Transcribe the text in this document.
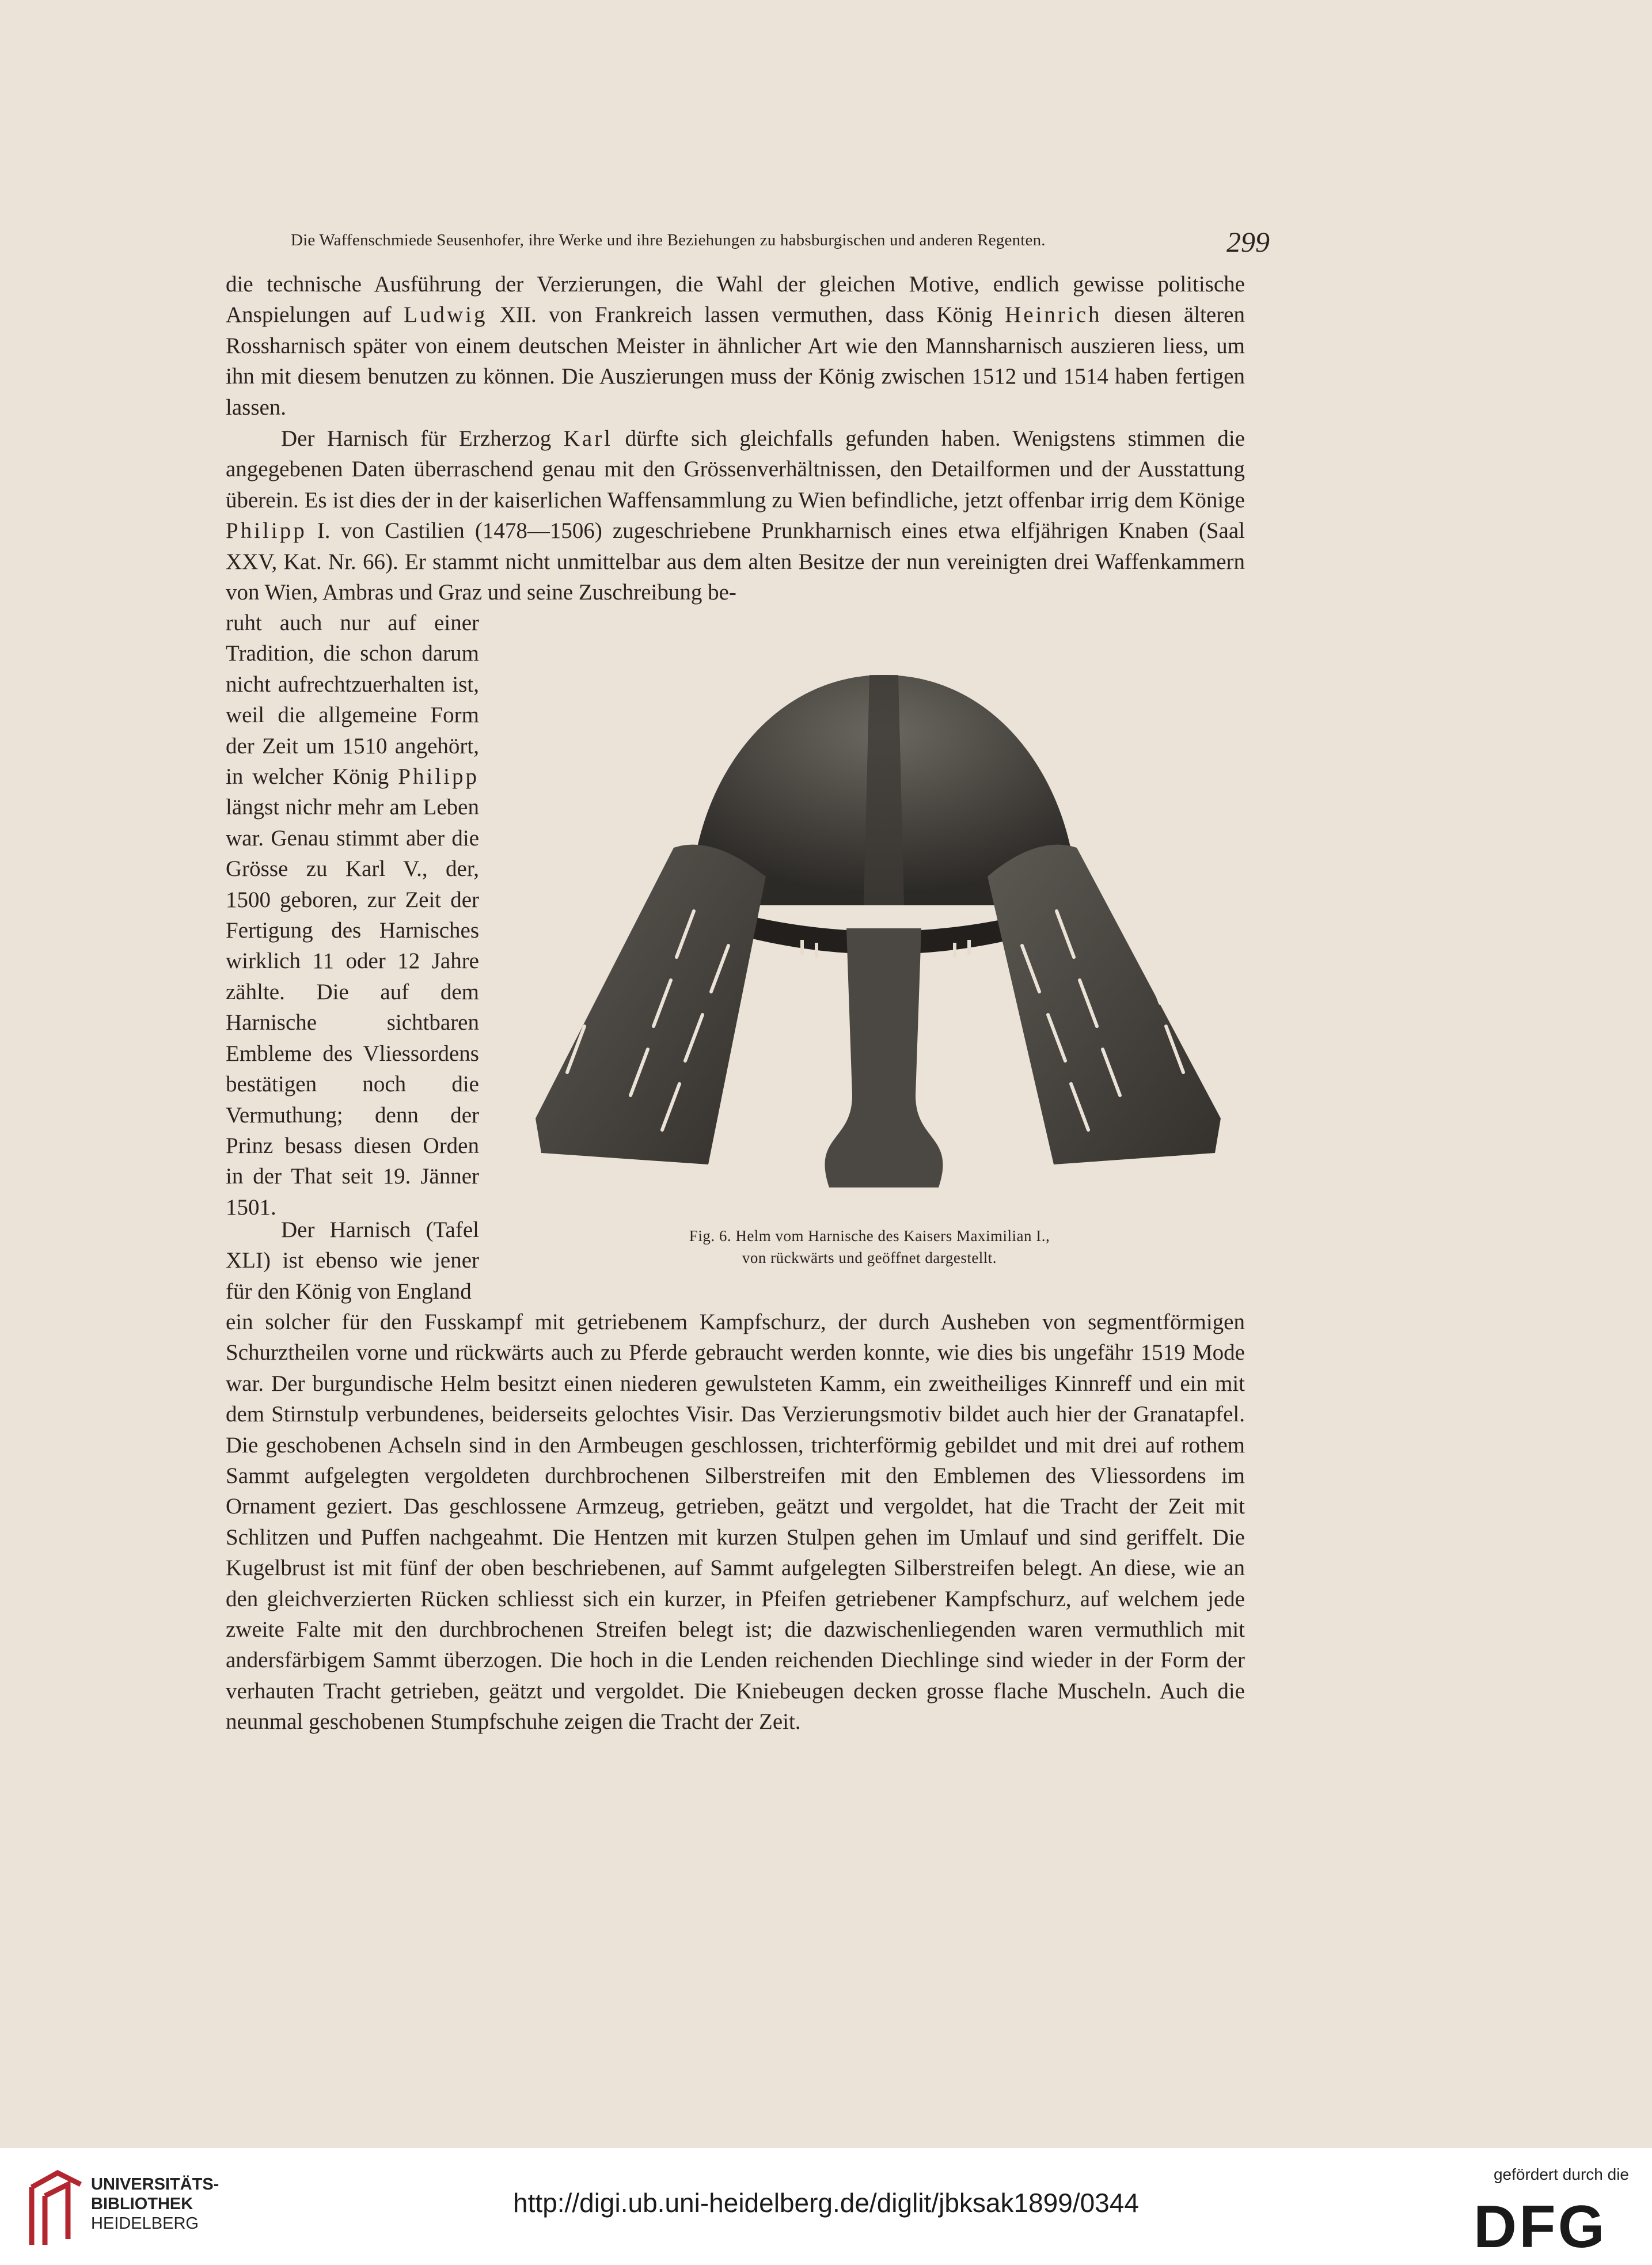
Die Waffenschmiede Seusenhofer, ihre Werke und ihre Beziehungen zu habsburgischen und anderen Regenten.	299

die technische Ausführung der Verzierungen, die Wahl der gleichen Motive, endlich gewisse politische Anspielungen auf Ludwig XII. von Frankreich lassen vermuthen, dass König Heinrich diesen älteren Rossharnisch später von einem deutschen Meister in ähnlicher Art wie den Mannsharnisch auszieren liess, um ihn mit diesem benutzen zu können. Die Auszierungen muss der König zwischen 1512 und 1514 haben fertigen lassen.

Der Harnisch für Erzherzog Karl dürfte sich gleichfalls gefunden haben. Wenigstens stimmen die angegebenen Daten überraschend genau mit den Grössenverhältnissen, den Detailformen und der Ausstattung überein. Es ist dies der in der kaiserlichen Waffensammlung zu Wien befindliche, jetzt offenbar irrig dem Könige Philipp I. von Castilien (1478—1506) zugeschriebene Prunkharnisch eines etwa elfjährigen Knaben (Saal XXV, Kat. Nr. 66). Er stammt nicht unmittelbar aus dem alten Besitze der nun vereinigten drei Waffenkammern von Wien, Ambras und Graz und seine Zuschreibung be-

ruht auch nur auf einer Tradition, die schon darum nicht aufrechtzuerhalten ist, weil die allgemeine Form der Zeit um 1510 angehört, in welcher König Philipp längst nichr mehr am Leben war. Genau stimmt aber die Grösse zu Karl V., der, 1500 geboren, zur Zeit der Fertigung des Harnisches wirklich 11 oder 12 Jahre zählte. Die auf dem Harnische sichtbaren Embleme des Vliessordens bestätigen noch die Vermuthung; denn der Prinz besass diesen Orden in der That seit 19. Jänner 1501.

Der Harnisch (Tafel XLI) ist ebenso wie jener für den König von England

ein solcher für den Fusskampf mit getriebenem Kampfschurz, der durch Ausheben von segmentförmigen Schurztheilen vorne und rückwärts auch zu Pferde gebraucht werden konnte, wie dies bis ungefähr 1519 Mode war. Der burgundische Helm besitzt einen niederen gewulsteten Kamm, ein zweitheiliges Kinnreff und ein mit dem Stirnstulp verbundenes, beiderseits gelochtes Visir. Das Verzierungsmotiv bildet auch hier der Granatapfel. Die geschobenen Achseln sind in den Armbeugen geschlossen, trichterförmig gebildet und mit drei auf rothem Sammt aufgelegten vergoldeten durchbrochenen Silberstreifen mit den Emblemen des Vliessordens im Ornament geziert. Das geschlossene Armzeug, getrieben, geätzt und vergoldet, hat die Tracht der Zeit mit Schlitzen und Puffen nachgeahmt. Die Hentzen mit kurzen Stulpen gehen im Umlauf und sind geriffelt. Die Kugelbrust ist mit fünf der oben beschriebenen, auf Sammt aufgelegten Silberstreifen belegt. An diese, wie an den gleichverzierten Rücken schliesst sich ein kurzer, in Pfeifen getriebener Kampfschurz, auf welchem jede zweite Falte mit den durchbrochenen Streifen belegt ist; die dazwischenliegenden waren vermuthlich mit andersfärbigem Sammt überzogen. Die hoch in die Lenden reichenden Diechlinge sind wieder in der Form der verhauten Tracht getrieben, geätzt und vergoldet. Die Kniebeugen decken grosse flache Muscheln. Auch die neunmal geschobenen Stumpfschuhe zeigen die Tracht der Zeit.

Fig. 6. Helm vom Harnische des Kaisers Maximilian I.,
von rückwärts und geöffnet dargestellt.
UNIVERSITÄTS-
BIBLIOTHEK
HEIDELBERG
http://digi.ub.uni-heidelberg.de/diglit/jbksak1899/0344
gefördert durch die
DFG
